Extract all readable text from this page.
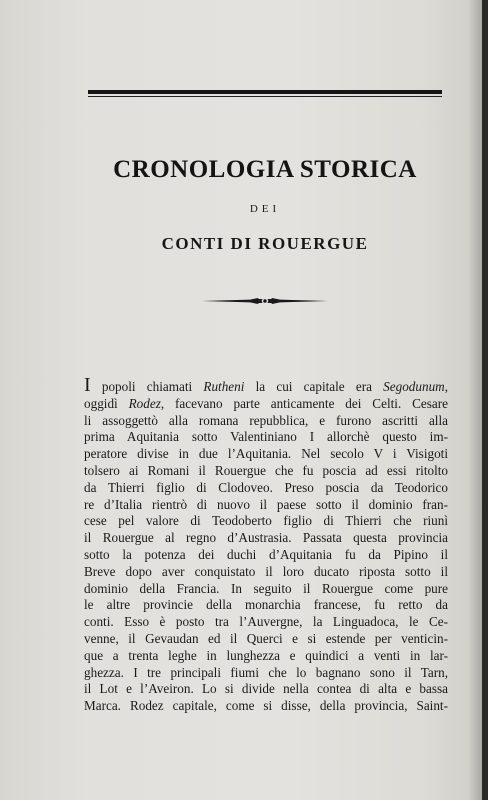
CRONOLOGIA STORICA
DEI
CONTI DI ROUERGUE
I popoli chiamati Rutheni la cui capitale era Segodunum,
oggidì Rodez, facevano parte anticamente dei Celti. Cesare
li assoggettò alla romana repubblica, e furono ascritti alla
prima Aquitania sotto Valentiniano I allorchè questo im-
peratore divise in due l’Aquitania. Nel secolo V i Visigoti
tolsero ai Romani il Rouergue che fu poscia ad essi ritolto
da Thierri figlio di Clodoveo. Preso poscia da Teodorico
re d’Italia rientrò di nuovo il paese sotto il dominio fran-
cese pel valore di Teodoberto figlio di Thierri che riunì
il Rouergue al regno d’Austrasia. Passata questa provincia
sotto la potenza dei duchi d’Aquitania fu da Pipino il
Breve dopo aver conquistato il loro ducato riposta sotto il
dominio della Francia. In seguito il Rouergue come pure
le altre provincie della monarchia francese, fu retto da
conti. Esso è posto tra l’Auvergne, la Linguadoca, le Ce-
venne, il Gevaudan ed il Querci e si estende per venticin-
que a trenta leghe in lunghezza e quindici a venti in lar-
ghezza. I tre principali fiumi che lo bagnano sono il Tarn,
il Lot e l’Aveiron. Lo si divide nella contea di alta e bassa
Marca. Rodez capitale, come si disse, della provincia, Saint-
